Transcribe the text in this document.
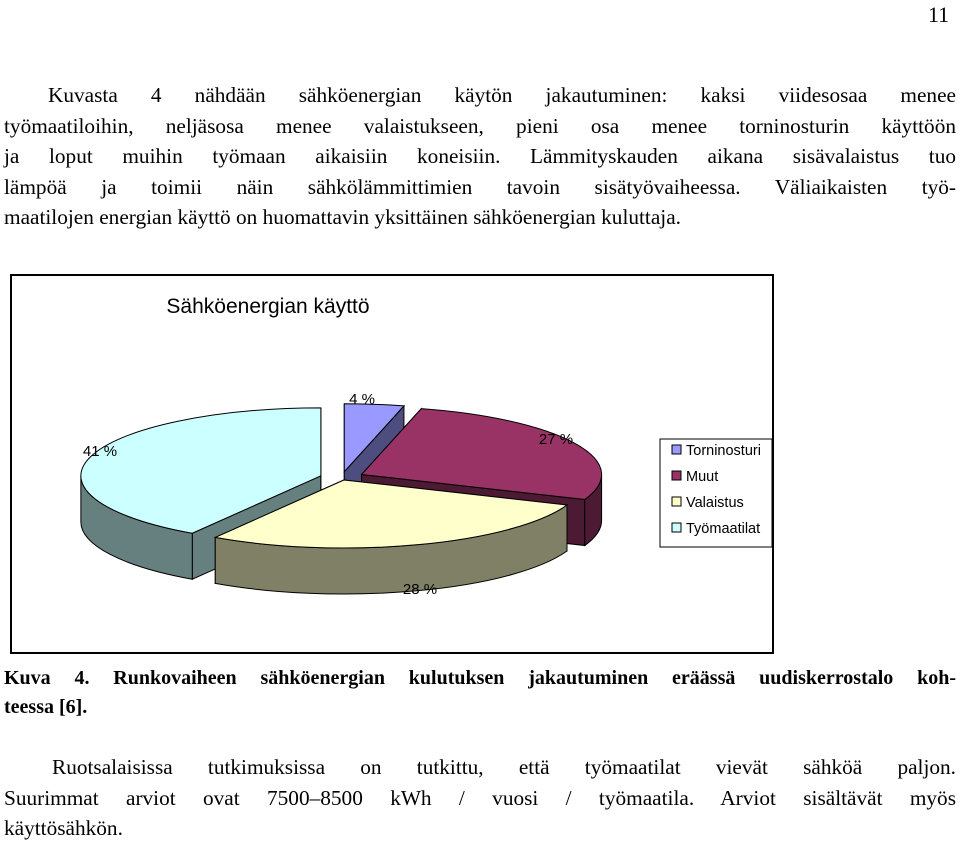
11

Kuvasta 4 nähdään sähköenergian käytön jakautuminen: kaksi viidesosaa menee
työmaatiloihin, neljäsosa menee valaistukseen, pieni osa menee torninosturin käyttöön
ja loput muihin työmaan aikaisiin koneisiin. Lämmityskauden aikana sisävalaistus tuo
lämpöä ja toimii näin sähkölämmittimien tavoin sisätyövaiheessa. Väliaikaisten työ-
maatilojen energian käyttö on huomattavin yksittäinen sähköenergian kuluttaja.

Sähköenergian käyttö
4 %
27 %
28 %
41 %	Torninosturi
Muut
Valaistus
Työmaatilat

Kuva 4. Runkovaiheen sähköenergian kulutuksen jakautuminen eräässä uudiskerrostalo koh-
teessa [6].

Ruotsalaisissa tutkimuksissa on tutkittu, että työmaatilat vievät sähköä paljon.
Suurimmat arviot ovat 7500–8500 kWh / vuosi / työmaatila. Arviot sisältävät myös
käyttösähkön.
